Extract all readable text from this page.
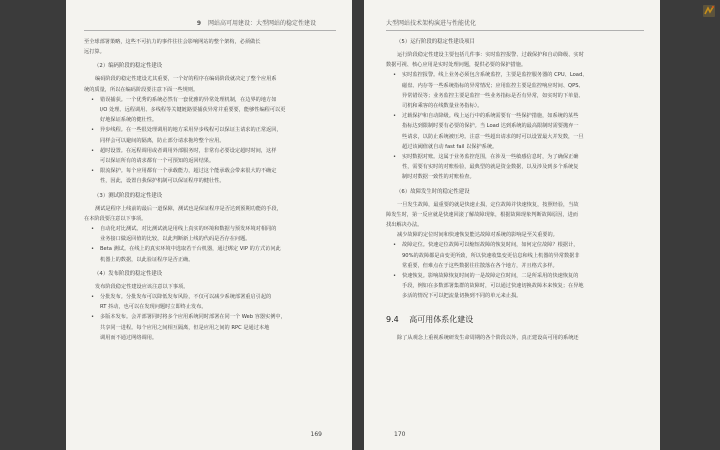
9 网站高可用建设：大型网站的稳定性建设

至全球部署策略，这些不可抗力的事件往往会影响网站的整个架构，必须做长
远打算。

（2）编码阶段的稳定性建设

编码阶段的稳定性建设尤其重要，一个好的程序在编码阶段就决定了整个应用系
统的质量，所以在编码阶段要注意下面一些规则。

• 错误捕获。一个优秀的系统必然有一套优雅的异常处理机制，在边界的地方如
I/O 处理、远程调用、多线程等关键链路要捕获异常并重要要，能够性编程可以更
好地保证系统的健壮性。
• 异步线程。在一些很处理调用的地方采用异步线程可以保证主请求的正常返回，
同样会可以避间的隔离，防止部分请求拖垮整个应用。
• 超时设置。在远程调用或者调用外部服务时，非常有必要设定超时时间，这样
可以保证所有的请求都有一个可预知的返回结果。
• 限流保护。每个应用都有一个承载能力，超过这个能承载会带来很大的不确定
性，因此，设置自我保护机制可以保证程序的健壮性。
（3）测试阶段的稳定性建设

测试是程序上线前的最后一道保障，测试也是保证程序是否达到预期功能的手段，
在本阶段要注意以下事项。

• 自动化对比测试。对比测试就是用线上真实的环境和数据与预发环境对相同的
业务接口做返回值的比较，以此判断新上线的代码是否存在问题。
• Beta 测试。在线上的真实环境中选取若干台机器，通过绑定 VIP 的方式访问此
机器上的数据，以此验证程序是否正确。
（4）发布阶段的稳定性建设

发布阶段稳定性建设应该注意以下事项。

• 分批发布。分批发布可以降低发布风险，不仅可以减少系统部署重启引起的
RT 抖动，也可以在发现问题时立即终止发布。
• 多版本发布。会并部署同时将多个应用系统同时部署在同一个 Web 容器实例中，
共享同一进程。每个应用之间相互隔离，但是应用之间的 RPC 是通过本地
调用而不通过网络调用。
169
大型网站技术架构演进与性能优化
（5）运行阶段的稳定性建设项目

运行阶段稳定性建设主要包括几件事：实时监控报警、过载保护和自动降级、实时
数据可视、核心应用是实时处理问题，提供必要的保护措施。

• 实时监控报警。线上业务必须包含系统监控，主要是监控服务器的 CPU、Load、
磁盘、内存等一些系统指标的异常情况；应用监控主要是监控响应时间、QPS、
异常错误等；业务监控主要是监控一些业务指标是否有异常，如实时的下单量、
司机和乘客的在线数量业务指标）。
• 过载保护和自动降级。线上运行中的系统需要有一些保护措施，如系统的某些
指标达到限制时要有必要的保护。当 Load 达到系统的最高限制时需要抛弃一
些请求，以防止系统被压垮。注意一些超出请求的时可以设置最大并发数，一旦
超过该阈值就自动 fast fail 以保护系统。
• 实时数据对账。这属于业务监控范围，在涉及一些敏感信息时，为了确保正确
性，需要有实时的对账检验，最典型的就是资金数据，以及涉及到多个系统复
制时对数据一致性的对账检查。
（6）故障发生时的稳定性建设

一旦发生故障，最重要的就是快速止损，定位故障并快速恢复，按照经验，当故
障发生时，第一反应就是快速回滚了解故障现象，根据故障现象判断故障原因，进而
找出解决办法。

减少故障的定位时间和快速恢复能达故障对系统的影响是至关重要的。

• 故障定位。快速定位故障可以缩短故障的恢复时间，如何定位故障？根据计，
90%的故障都是由变更所致，所以快速收集变更信息和线上机器的异常数据非
常重要，但难点在于这些数据往往散落在各个地方，并且格式多样。
• 快速恢复。影响故障恢复时间的一是故障定位时间，二是所采用的快速恢复的
手段，例如在多数部署集群的故障时，可以通过快速切换故障本来恢复；在异地
多活的情况下可以把流量切换到不同的单元来止损。
9.4 高可用体系化建设

除了从观念上重视系统研发生命周期的各个阶段以外，真正建设高可用的系统还

170
